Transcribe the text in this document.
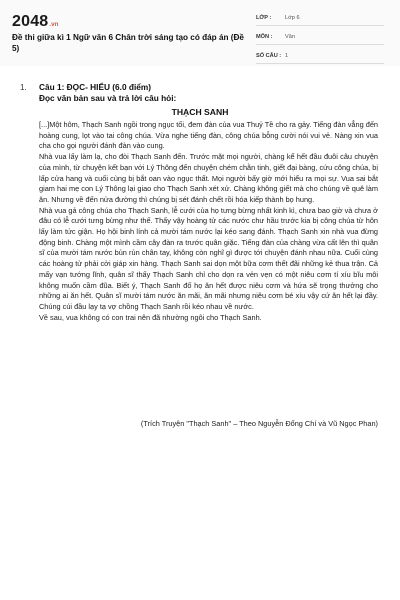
2048.vn
Đề thi giữa kì 1 Ngữ văn 6 Chân trời sáng tạo có đáp án (Đề 5)
LỚP :	Lớp 6
MÔN :	Văn
SỐ CÂU : 1
1. Câu 1: ĐỌC- HIỂU (6.0 điểm)
Đọc văn bản sau và trả lời câu hỏi:
THẠCH SANH

[...]Một hôm, Thạch Sanh ngồi trong ngục tối, đem đàn của vua Thuỷ Tề cho ra gảy. Tiếng đàn vẳng đến hoàng cung, lọt vào tai công chúa. Vừa nghe tiếng đàn, công chúa bỗng cười nói vui vẻ. Nàng xin vua cha cho gọi người đánh đàn vào cung.

Nhà vua lấy làm lạ, cho đòi Thạch Sanh đến. Trước mặt mọi người, chàng kể hết đầu đuôi câu chuyện của mình, từ chuyện kết bạn với Lý Thông đến chuyện chém chằn tinh, giết đại bàng, cứu công chúa, bị lấp cửa hang và cuối cùng bị bắt oan vào ngục thất. Mọi người bấy giờ mới hiểu ra mọi sự. Vua sai bắt giam hai mẹ con Lý Thông lại giao cho Thạch Sanh xét xử. Chàng không giết mà cho chúng về quê làm ăn. Nhưng về đến nửa đường thì chúng bị sét đánh chết rồi hóa kiếp thành bọ hung.

Nhà vua gả công chúa cho Thạch Sanh, lễ cưới của họ tưng bừng nhất kinh kì, chưa bao giờ và chưa ở đâu có lễ cưới tưng bừng như thế. Thấy vậy hoàng tử các nước chư hầu trước kia bị công chúa từ hôn lấy làm tức giận. Họ hội binh lính cả mười tám nước lại kéo sang đánh. Thạch Sanh xin nhà vua đừng động binh. Chàng một mình cầm cây đàn ra trước quân giặc. Tiếng đàn của chàng vừa cất lên thì quân sĩ của mười tám nước bủn rủn chân tay, không còn nghĩ gì được tới chuyện đánh nhau nữa. Cuối cùng các hoàng tử phải cởi giáp xin hàng. Thạch Sanh sai dọn một bữa cơm thết đãi những kẻ thua trận. Cả mấy vạn tướng lĩnh, quân sĩ thấy Thạch Sanh chỉ cho dọn ra vẻn vẹn có một niêu cơm tí xíu bĩu môi không muốn cầm đũa. Biết ý, Thạch Sanh đố họ ăn hết được niêu cơm và hứa sẽ trọng thưởng cho những ai ăn hết. Quân sĩ mười tám nước ăn mãi, ăn mãi nhưng niêu cơm bé xíu vậy cứ ăn hết lại đầy. Chúng cúi đầu lạy tạ vợ chồng Thạch Sanh rồi kéo nhau về nước.

Về sau, vua không có con trai nên đã nhường ngôi cho Thạch Sanh.

(Trích Truyện "Thạch Sanh" – Theo Nguyễn Đổng Chí và Vũ Ngọc Phan)
